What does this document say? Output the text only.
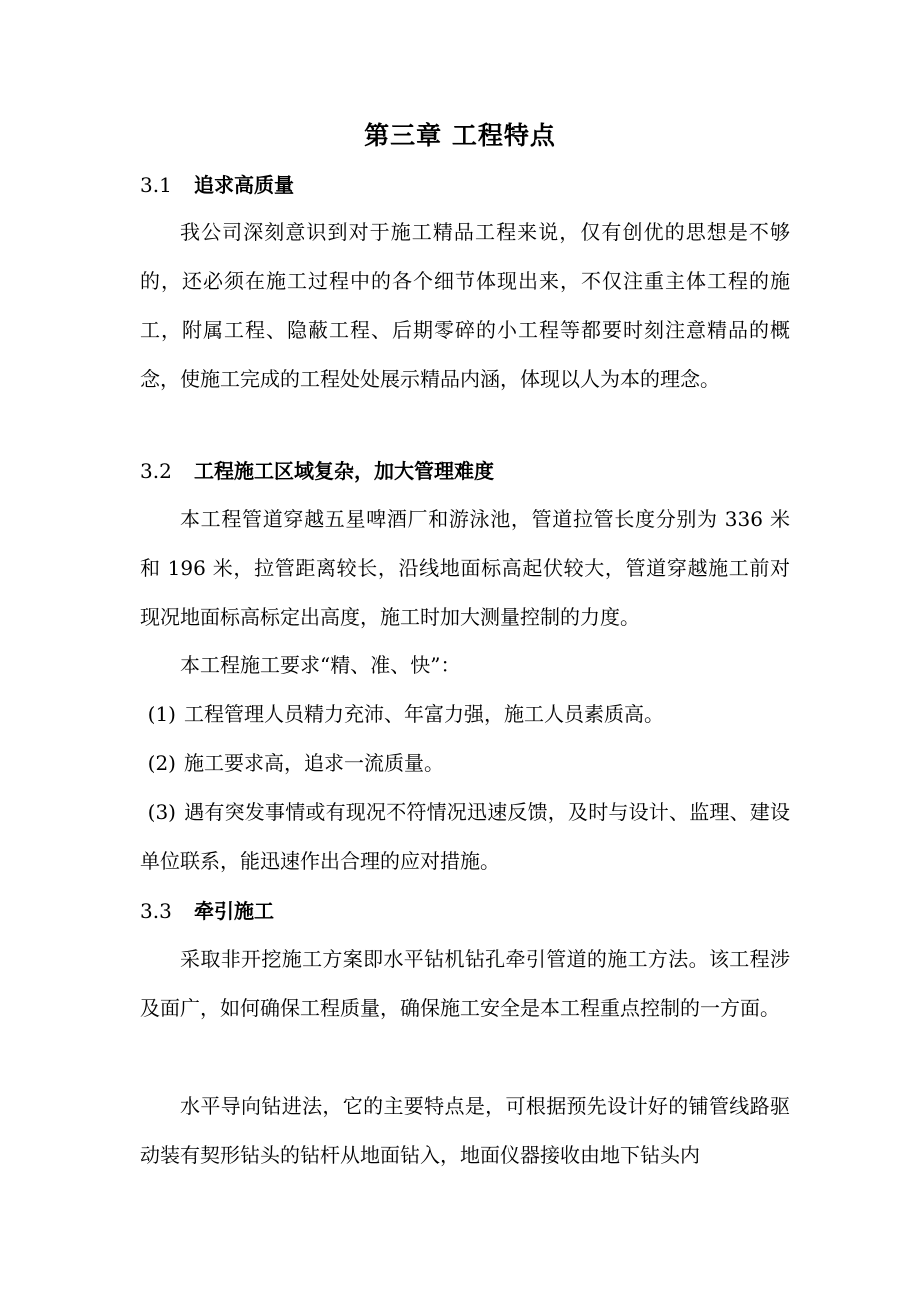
第三章 工程特点
3.1 追求高质量

我公司深刻意识到对于施工精品工程来说，仅有创优的思想是不够的，还必须在施工过程中的各个细节体现出来，不仅注重主体工程的施工，附属工程、隐蔽工程、后期零碎的小工程等都要时刻注意精品的概念，使施工完成的工程处处展示精品内涵，体现以人为本的理念。

3.2 工程施工区域复杂，加大管理难度

本工程管道穿越五星啤酒厂和游泳池，管道拉管长度分别为 336 米和 196 米，拉管距离较长，沿线地面标高起伏较大，管道穿越施工前对现况地面标高标定出高度，施工时加大测量控制的力度。

本工程施工要求“精、准、快”：

(1) 工程管理人员精力充沛、年富力强，施工人员素质高。

(2) 施工要求高，追求一流质量。

(3) 遇有突发事情或有现况不符情况迅速反馈，及时与设计、监理、建设单位联系，能迅速作出合理的应对措施。

3.3 牵引施工

采取非开挖施工方案即水平钻机钻孔牵引管道的施工方法。该工程涉及面广，如何确保工程质量，确保施工安全是本工程重点控制的一方面。

水平导向钻进法，它的主要特点是，可根据预先设计好的铺管线路驱动装有契形钻头的钻杆从地面钻入，地面仪器接收由地下钻头内
